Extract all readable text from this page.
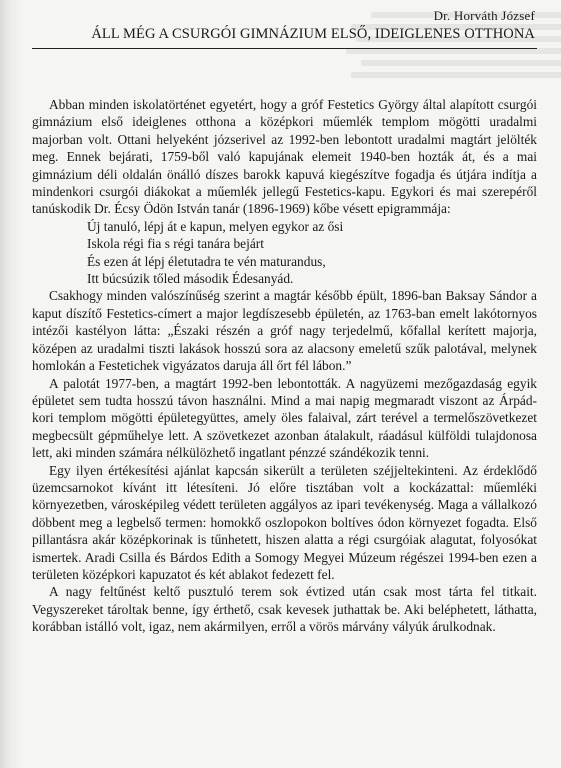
Dr. Horváth József
ÁLL MÉG A CSURGÓI GIMNÁZIUM ELSŐ, IDEIGLENES OTTHONA

Abban minden iskolatörténet egyetért, hogy a gróf Festetics György által alapított csurgói gimnázium első ideiglenes otthona a középkori műemlék templom mögötti uradalmi majorban volt. Ottani helyeként józserivel az 1992-ben lebontott uradalmi magtárt jelölték meg. Ennek bejárati, 1759-ből való kapujának elemeit 1940-ben hozták át, és a mai gimnázium déli oldalán önálló díszes barokk kapuvá kiegészítve fogadja és útjára indítja a mindenkori csurgói diákokat a műemlék jellegű Festetics-kapu. Egykori és mai szerepéről tanúskodik Dr. Écsy Ödön István tanár (1896-1969) kőbe vésett epigrammája:

Új tanuló, lépj át e kapun, melyen egykor az ősi
Iskola régi fia s régi tanára bejárt
És ezen át lépj életutadra te vén maturandus,
Itt búcsúzik tőled második Édesanyád.

Csakhogy minden valószínűség szerint a magtár később épült, 1896-ban Baksay Sándor a kaput díszítő Festetics-címert a major legdíszesebb épületén, az 1763-ban emelt lakótornyos intézői kastélyon látta: „Északi részén a gróf nagy terjedelmű, kőfallal kerített majorja, középen az uradalmi tiszti lakások hosszú sora az alacsony emeletű szűk palotával, melynek homlokán a Festetichek vigyázatos daruja áll őrt fél lábon.”

A palotát 1977-ben, a magtárt 1992-ben lebontották. A nagyüzemi mezőgazdaság egyik épületet sem tudta hosszú távon használni. Mind a mai napig megmaradt viszont az Árpád-kori templom mögötti épületegyüttes, amely öles falaival, zárt terével a termelőszövetkezet megbecsült gépműhelye lett. A szövetkezet azonban átalakult, ráadásul külföldi tulajdonosa lett, aki minden számára nélkülözhető ingatlant pénzzé szándékozik tenni.

Egy ilyen értékesítési ajánlat kapcsán sikerült a területen széjjeltekinteni. Az érdeklődő üzemcsarnokot kívánt itt létesíteni. Jó előre tisztában volt a kockázattal: műemléki környezetben, városképileg védett területen aggályos az ipari tevékenység. Maga a vállalkozó döbbent meg a legbelső termen: homokkő oszlopokon boltíves ódon környezet fogadta. Első pillantásra akár középkorinak is tűnhetett, hiszen alatta a régi csurgóiak alagutat, folyosókat ismertek. Aradi Csilla és Bárdos Edith a Somogy Megyei Múzeum régészei 1994-ben ezen a területen középkori kapuzatot és két ablakot fedezett fel.

A nagy feltűnést keltő pusztuló terem sok évtized után csak most tárta fel titkait. Vegyszereket tároltak benne, így érthető, csak kevesek juthattak be. Aki beléphetett, láthatta, korábban istálló volt, igaz, nem akármilyen, erről a vörös márvány vályúk árulkodnak.
